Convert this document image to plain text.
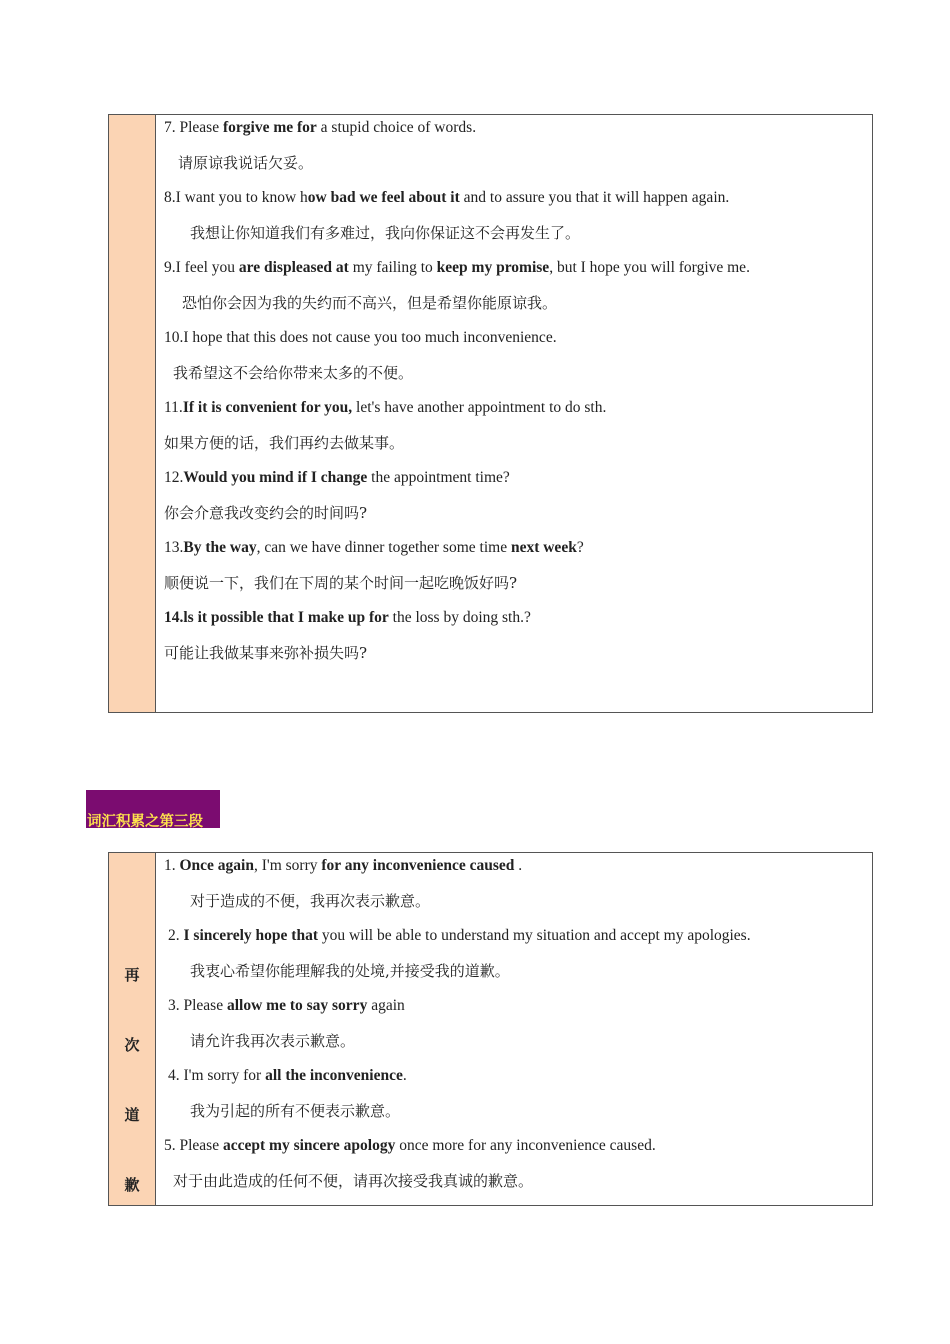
7. Please forgive me for a stupid choice of words.
请原谅我说话欠妥。
8.I want you to know how bad we feel about it and to assure you that it will happen again.
我想让你知道我们有多难过，我向你保证这不会再发生了。
9.I feel you are displeased at my failing to keep my promise, but I hope you will forgive me.
恐怕你会因为我的失约而不高兴，但是希望你能原谅我。
10.I hope that this does not cause you too much inconvenience.
我希望这不会给你带来太多的不便。
11.If it is convenient for you, let's have another appointment to do sth.
如果方便的话，我们再约去做某事。
12.Would you mind if I change the appointment time?
你会介意我改变约会的时间吗?
13.By the way, can we have dinner together some time next week?
顺便说一下，我们在下周的某个时间一起吃晚饭好吗?
14.ls it possible that I make up for the loss by doing sth.?
可能让我做某事来弥补损失吗?
词汇积累之第三段
再
次
道
歉
1. Once again, I'm sorry for any inconvenience caused .
对于造成的不便，我再次表示歉意。
2. I sincerely hope that you will be able to understand my situation and accept my apologies.
我衷心希望你能理解我的处境,并接受我的道歉。
3. Please allow me to say sorry again
请允许我再次表示歉意。
4. I'm sorry for all the inconvenience.
我为引起的所有不便表示歉意。
5. Please accept my sincere apology once more for any inconvenience caused.
对于由此造成的任何不便，请再次接受我真诚的歉意。
